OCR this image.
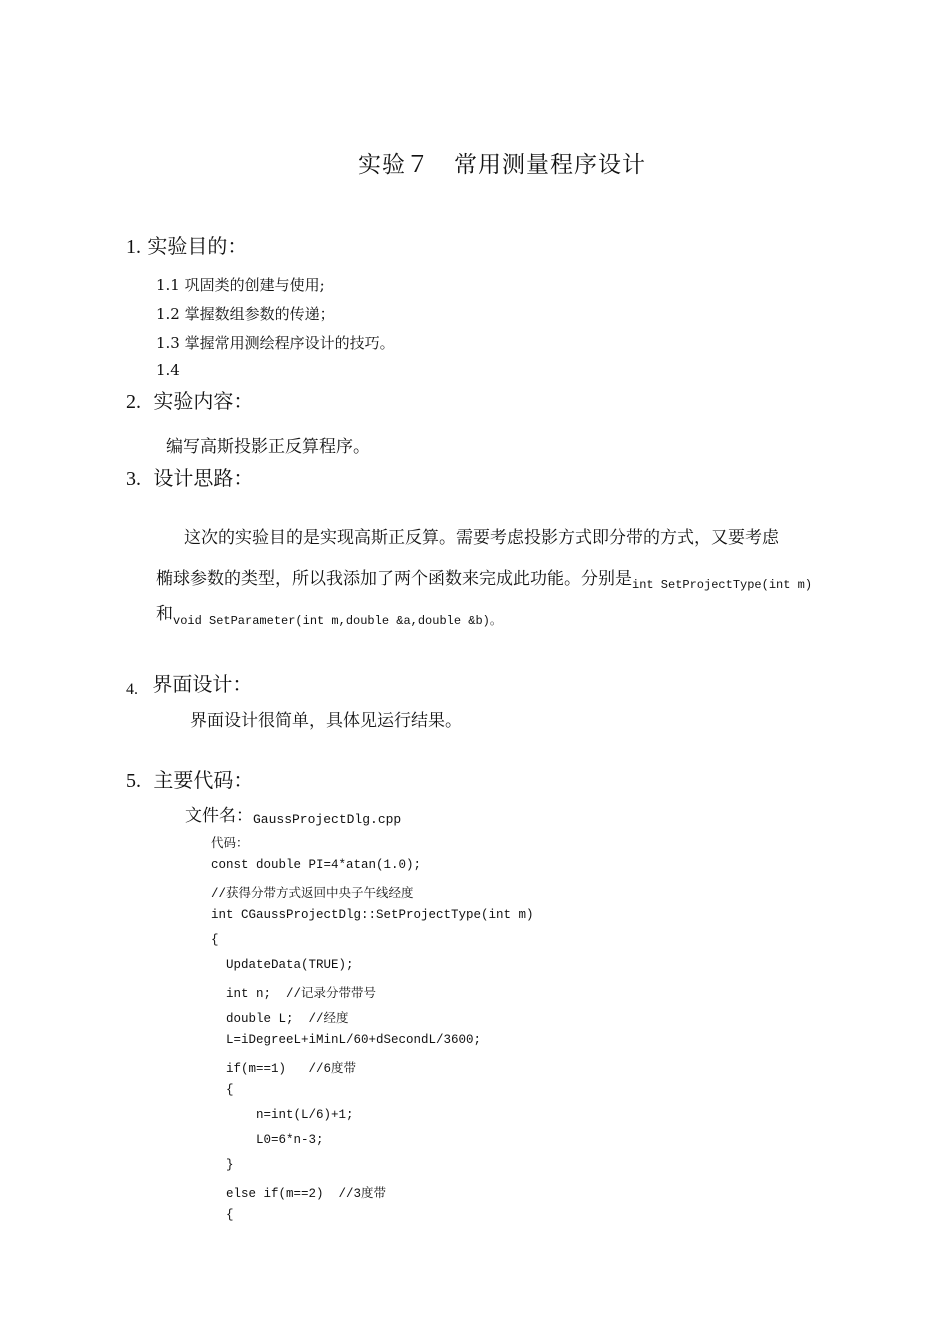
实验７　常用测量程序设计
1. 实验目的：
1.1 巩固类的创建与使用;
1.2 掌握数组参数的传递；
1.3 掌握常用测绘程序设计的技巧。
1.4
2. 实验内容：
编写高斯投影正反算程序。
3. 设计思路：
这次的实验目的是实现高斯正反算。需要考虑投影方式即分带的方式，又要考虑
椭球参数的类型，所以我添加了两个函数来完成此功能。分别是$_{int SetProjectType(int m)}$
和$_{void SetParameter(int m,double \&a,double \&b)。}$
4. 界面设计：
界面设计很简单，具体见运行结果。
5. 主要代码：
文件名：GaussProjectDlg.cpp
代码：
const double PI=4*atan(1.0);
//获得分带方式返回中央子午线经度
int CGaussProjectDlg::SetProjectType(int m)
{
UpdateData(TRUE);
int n;  //记录分带带号
double L;  //经度
L=iDegreeL+iMinL/60+dSecondL/3600;
if(m==1)   //6度带
{
n=int(L/6)+1;
L0=6*n-3;
}
else if(m==2)  //3度带
{
